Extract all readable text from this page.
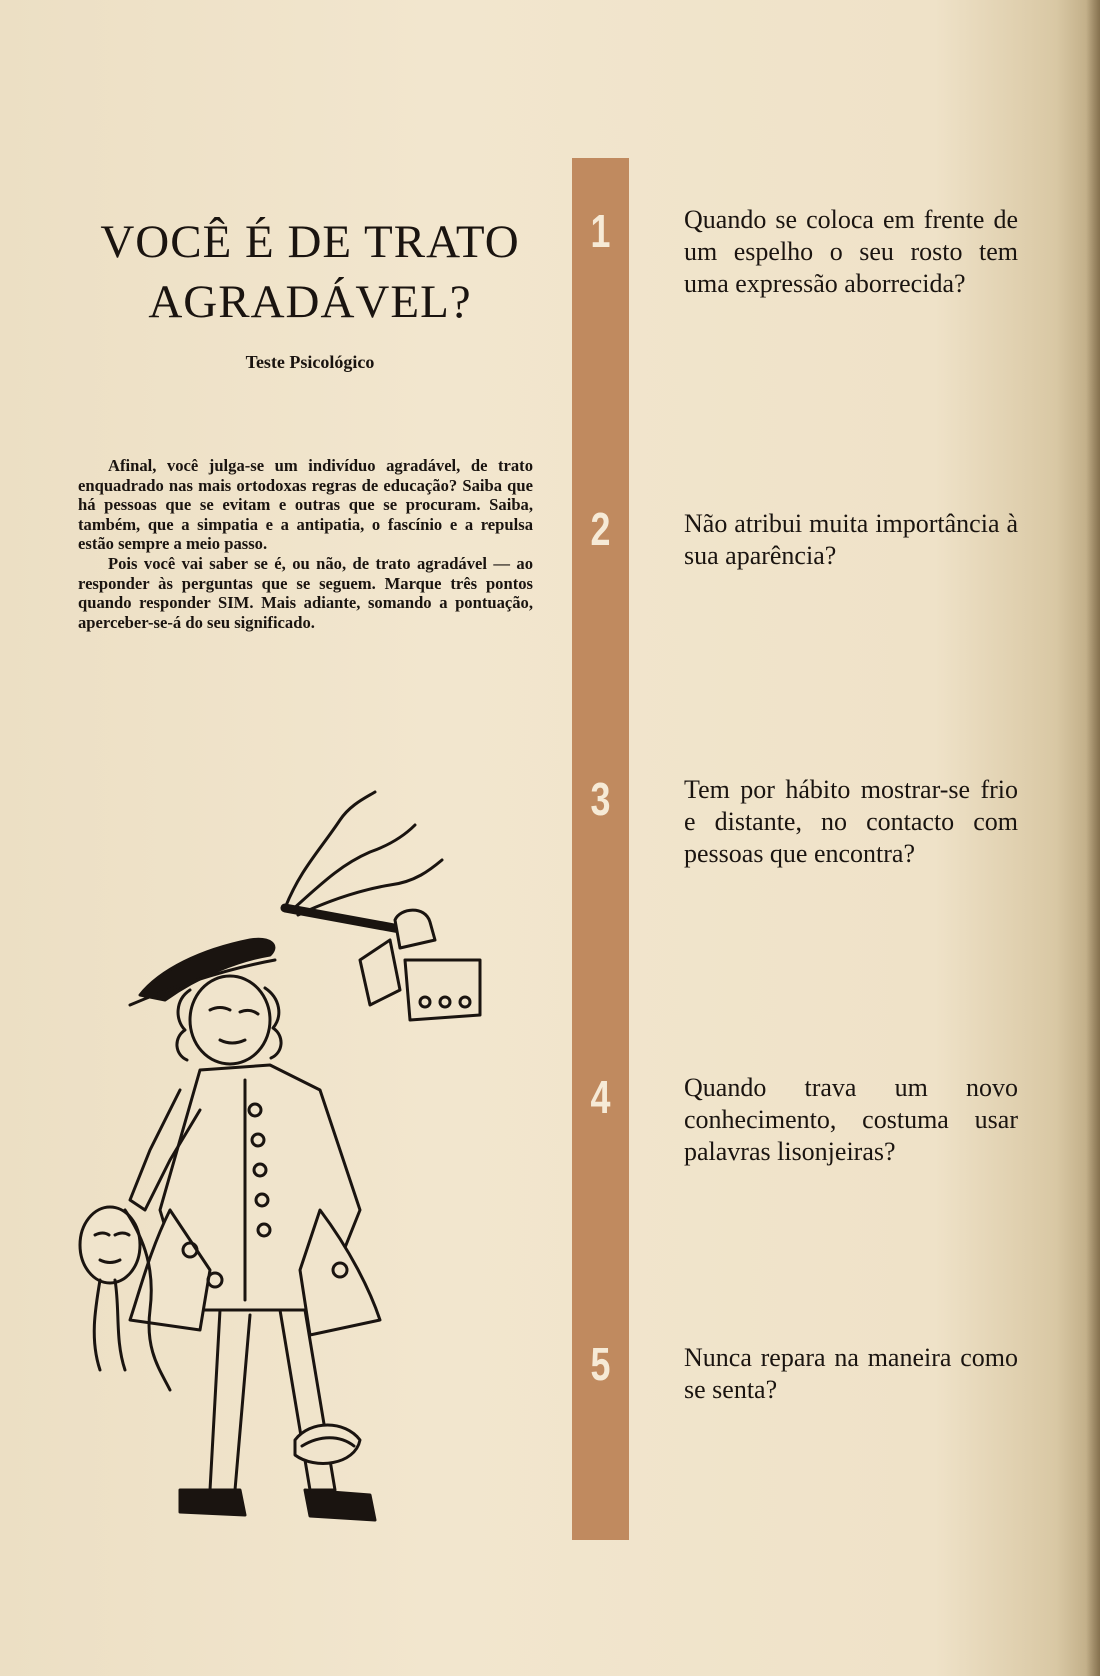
VOCÊ É DE TRATO
AGRADÁVEL?
Teste Psicológico

Afinal, você julga-se um indivíduo agradável, de trato enquadrado nas mais ortodoxas regras de educação? Saiba que há pessoas que se evitam e outras que se procuram. Saiba, também, que a simpatia e a antipatia, o fascínio e a repulsa estão sempre a meio passo.

Pois você vai saber se é, ou não, de trato agradável — ao responder às perguntas que se seguem. Marque três pontos quando responder SIM. Mais adiante, somando a pontuação, aperceber-se-á do seu significado.

1
2
3
4
5

Quando se coloca em frente de um espelho o seu rosto tem uma expressão aborrecida?

Não atribui muita importância à sua aparência?

Tem por hábito mostrar-se frio e distante, no contacto com pessoas que encontra?

Quando trava um novo conhecimento, costuma usar palavras lisonjeiras?

Nunca repara na maneira como se senta?
